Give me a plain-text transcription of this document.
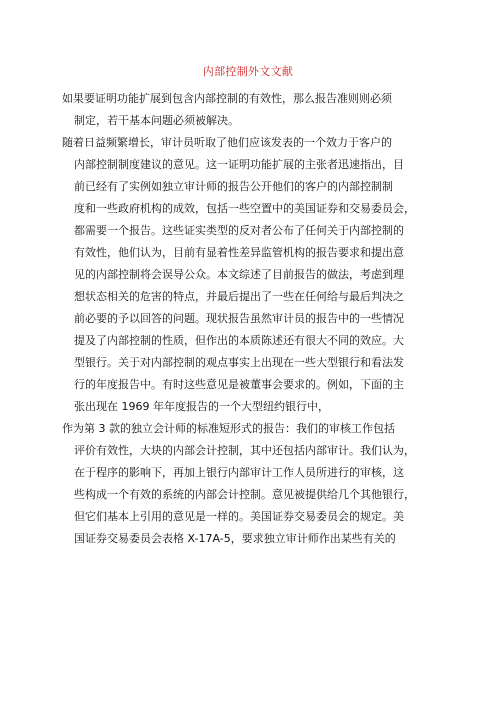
内部控制外文文献
如果要证明功能扩展到包含内部控制的有效性，那么报告准则则必须
制定，若干基本问题必须被解决。
随着日益频繁增长，审计员听取了他们应该发表的一个效力于客户的
内部控制制度建议的意见。这一证明功能扩展的主张者迅速指出，目
前已经有了实例如独立审计师的报告公开他们的客户的内部控制制
度和一些政府机构的成效，包括一些空置中的美国证券和交易委员会，
都需要一个报告。这些证实类型的反对者公布了任何关于内部控制的
有效性，他们认为，目前有显着性差异监管机构的报告要求和提出意
见的内部控制将会误导公众。本文综述了目前报告的做法，考虑到理
想状态相关的危害的特点，并最后提出了一些在任何给与最后判决之
前必要的予以回答的问题。现状报告虽然审计员的报告中的一些情况
提及了内部控制的性质，但作出的本质陈述还有很大不同的效应。大
型银行。关于对内部控制的观点事实上出现在一些大型银行和看法发
行的年度报告中。有时这些意见是被董事会要求的。例如，下面的主
张出现在 1969 年年度报告的一个大型纽约银行中，
作为第 3 款的独立会计师的标准短形式的报告：我们的审核工作包括
评价有效性，大块的内部会计控制，其中还包括内部审计。我们认为，
在于程序的影响下，再加上银行内部审计工作人员所进行的审核，这
些构成一个有效的系统的内部会计控制。意见被提供给几个其他银行，
但它们基本上引用的意见是一样的。美国证券交易委员会的规定。美
国证券交易委员会表格 X-17A-5，要求独立审计师作出某些有关的
